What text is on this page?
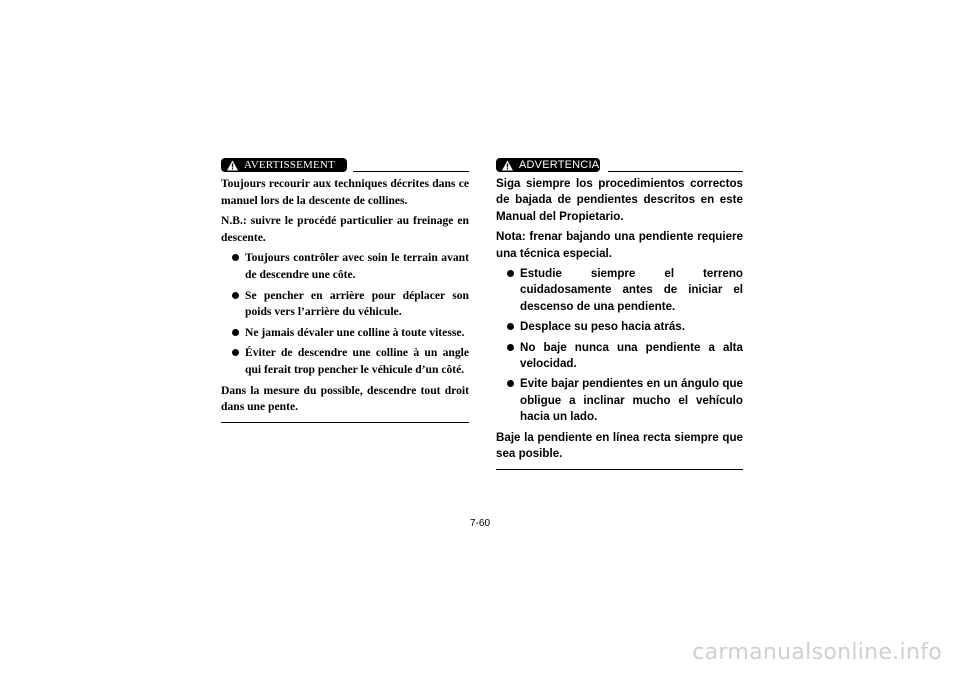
AVERTISSEMENT

Toujours recourir aux techniques décrites dans ce manuel lors de la descente de collines.

N.B.: suivre le procédé particulier au freinage en descente.

Toujours contrôler avec soin le terrain avant de descendre une côte.
Se pencher en arrière pour déplacer son poids vers l’arrière du véhicule.
Ne jamais dévaler une colline à toute vitesse.
Éviter de descendre une colline à un angle qui ferait trop pencher le véhicule d’un côté.

Dans la mesure du possible, descendre tout droit dans une pente.

ADVERTENCIA

Siga siempre los procedimientos correctos de bajada de pendientes descritos en este Manual del Propietario.

Nota: frenar bajando una pendiente requiere una técnica especial.

Estudie siempre el terreno cuidadosamente antes de iniciar el descenso de una pendiente.
Desplace su peso hacia atrás.
No baje nunca una pendiente a alta velocidad.
Evite bajar pendientes en un ángulo que obligue a inclinar mucho el vehículo hacia un lado.

Baje la pendiente en línea recta siempre que sea posible.

7-60
carmanualsonline.info
